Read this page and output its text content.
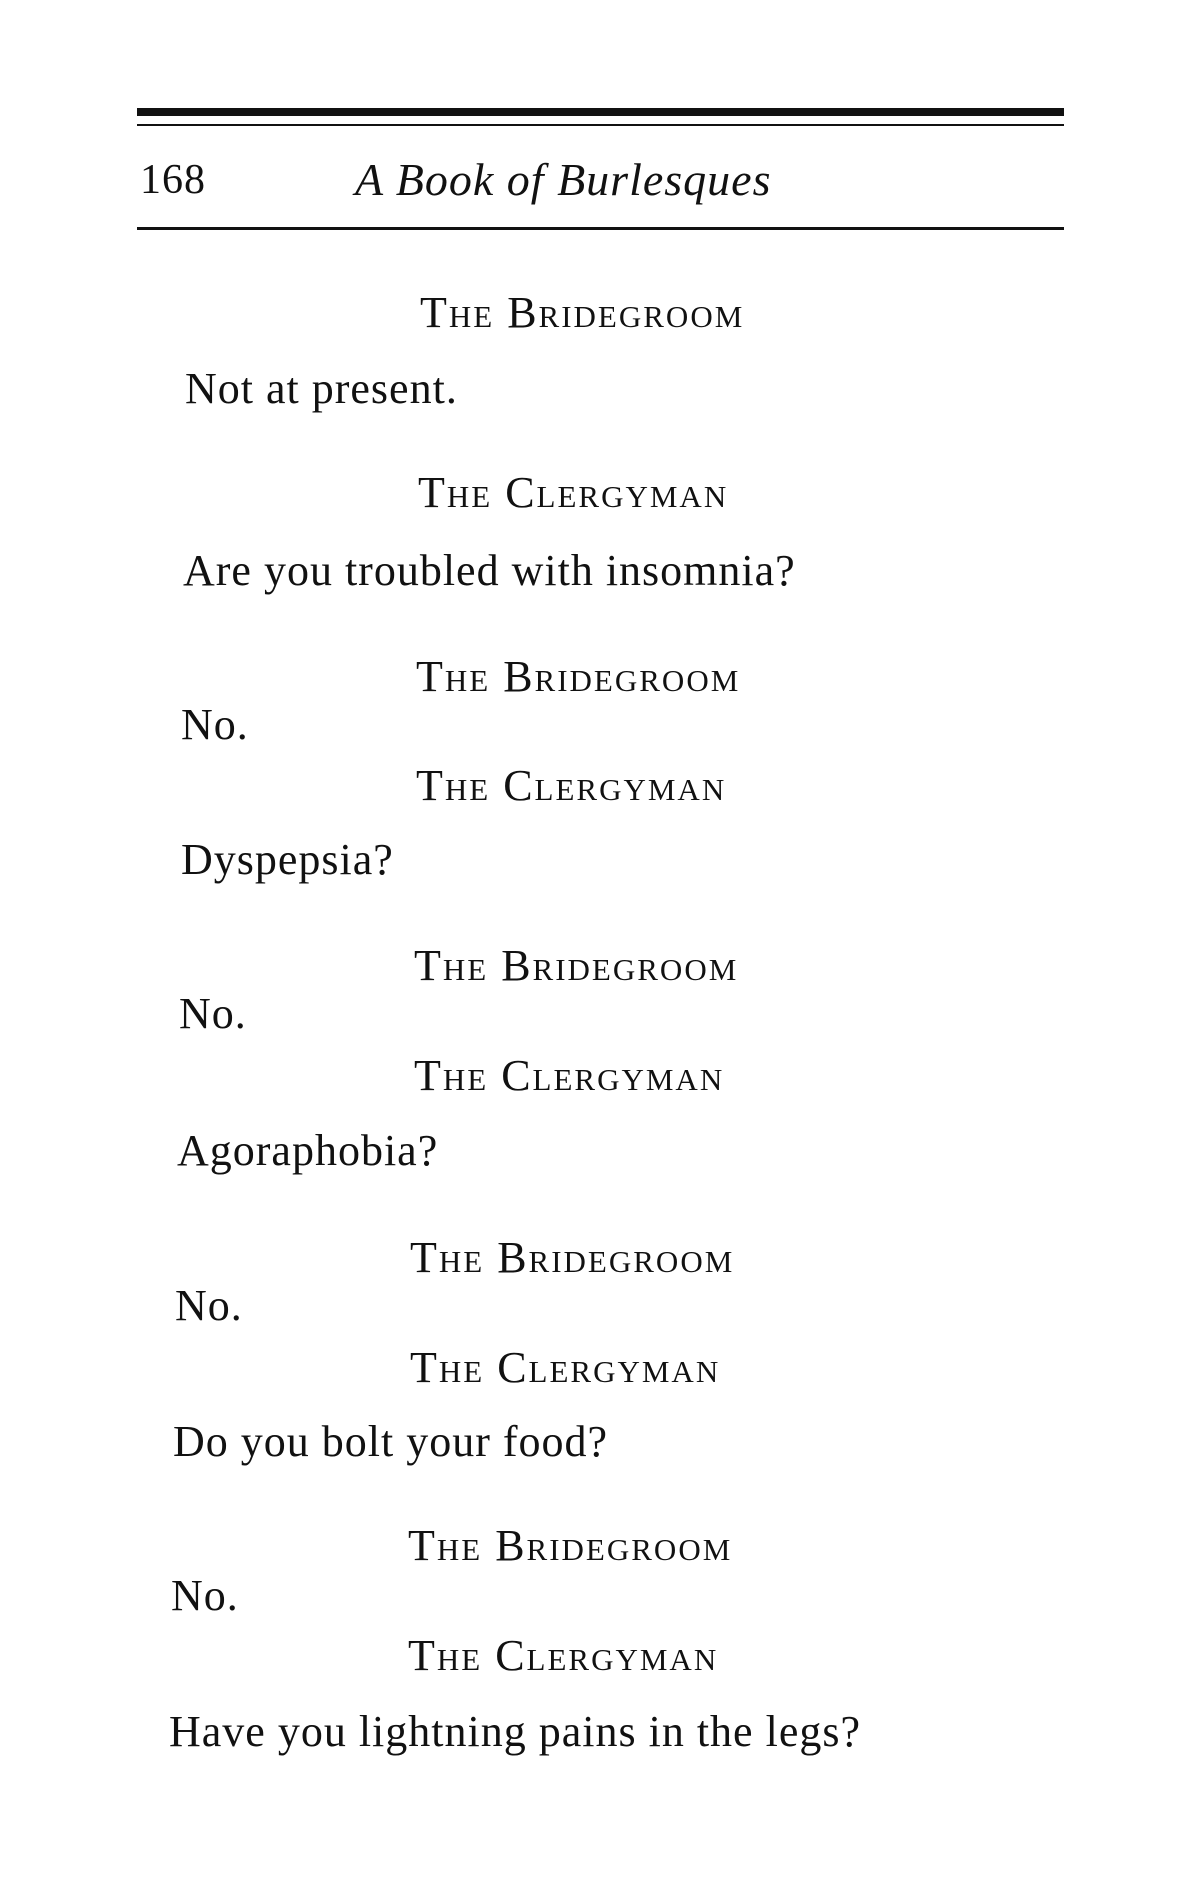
168	A Book of Burlesques
The Bridegroom
Not at present.
The Clergyman
Are you troubled with insomnia?
The Bridegroom
No.
The Clergyman
Dyspepsia?
The Bridegroom
No.
The Clergyman
Agoraphobia?
The Bridegroom
No.
The Clergyman
Do you bolt your food?
The Bridegroom
No.
The Clergyman
Have you lightning pains in the legs?
